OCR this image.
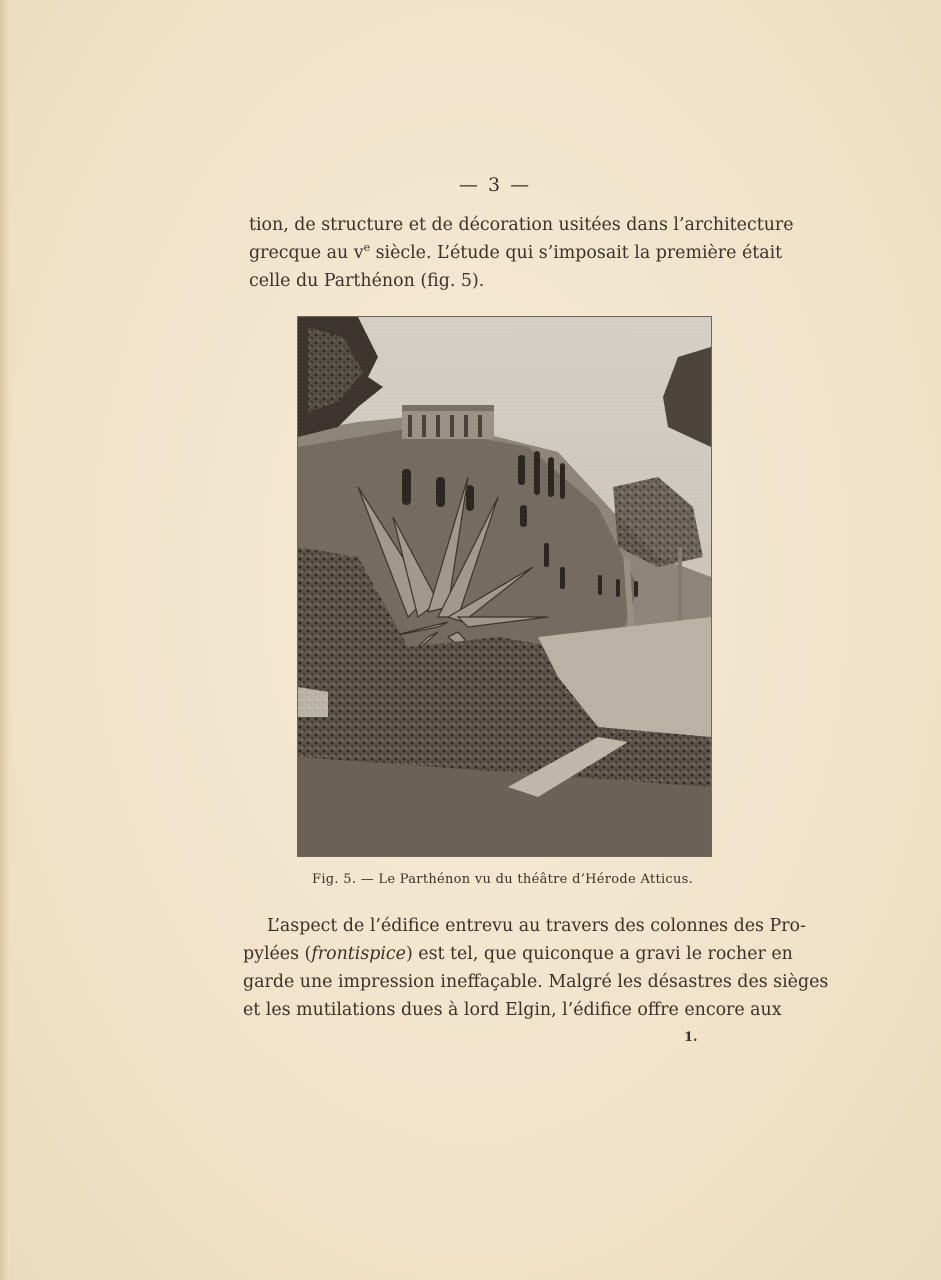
— 3 —
tion, de structure et de décoration usitées dans l’architecture
grecque au $v^e$ siècle. L’étude qui s’imposait la première était
celle du Parthénon (fig. 5).
Fig. 5. — Le Parthénon vu du théâtre d’Hérode Atticus.
L’aspect de l’édifice entrevu au travers des colonnes des Pro-
pylées (frontispice) est tel, que quiconque a gravi le rocher en
garde une impression ineffaçable. Malgré les désastres des sièges
et les mutilations dues à lord Elgin, l’édifice offre encore aux
1.
